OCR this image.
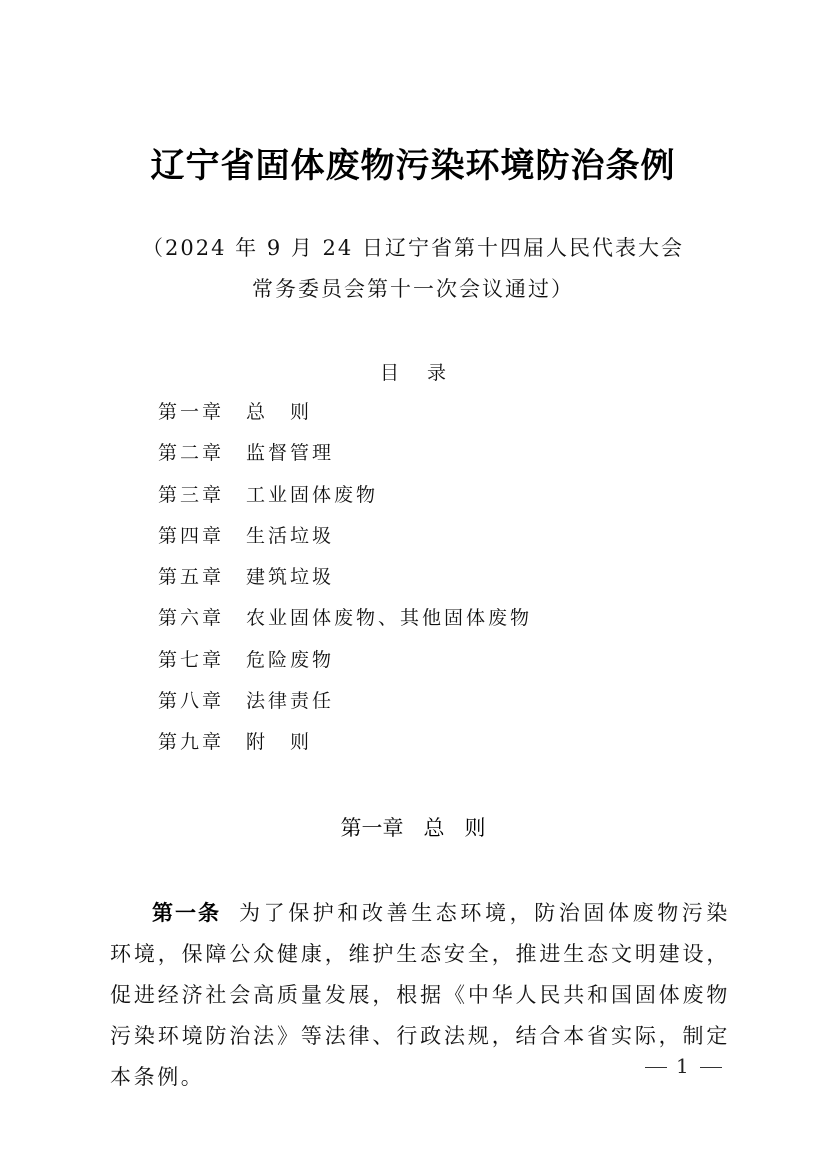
辽宁省固体废物污染环境防治条例
（2024 年 9 月 24 日辽宁省第十四届人民代表大会
常务委员会第十一次会议通过）
目 录
第一章 总　则
第二章 监督管理
第三章 工业固体废物
第四章 生活垃圾
第五章 建筑垃圾
第六章 农业固体废物、其他固体废物
第七章 危险废物
第八章 法律责任
第九章 附　则
第一章 总 则

第一条 为了保护和改善生态环境，防治固体废物污染环境，保障公众健康，维护生态安全，推进生态文明建设，促进经济社会高质量发展，根据《中华人民共和国固体废物污染环境防治法》等法律、行政法规，结合本省实际，制定本条例。	1
